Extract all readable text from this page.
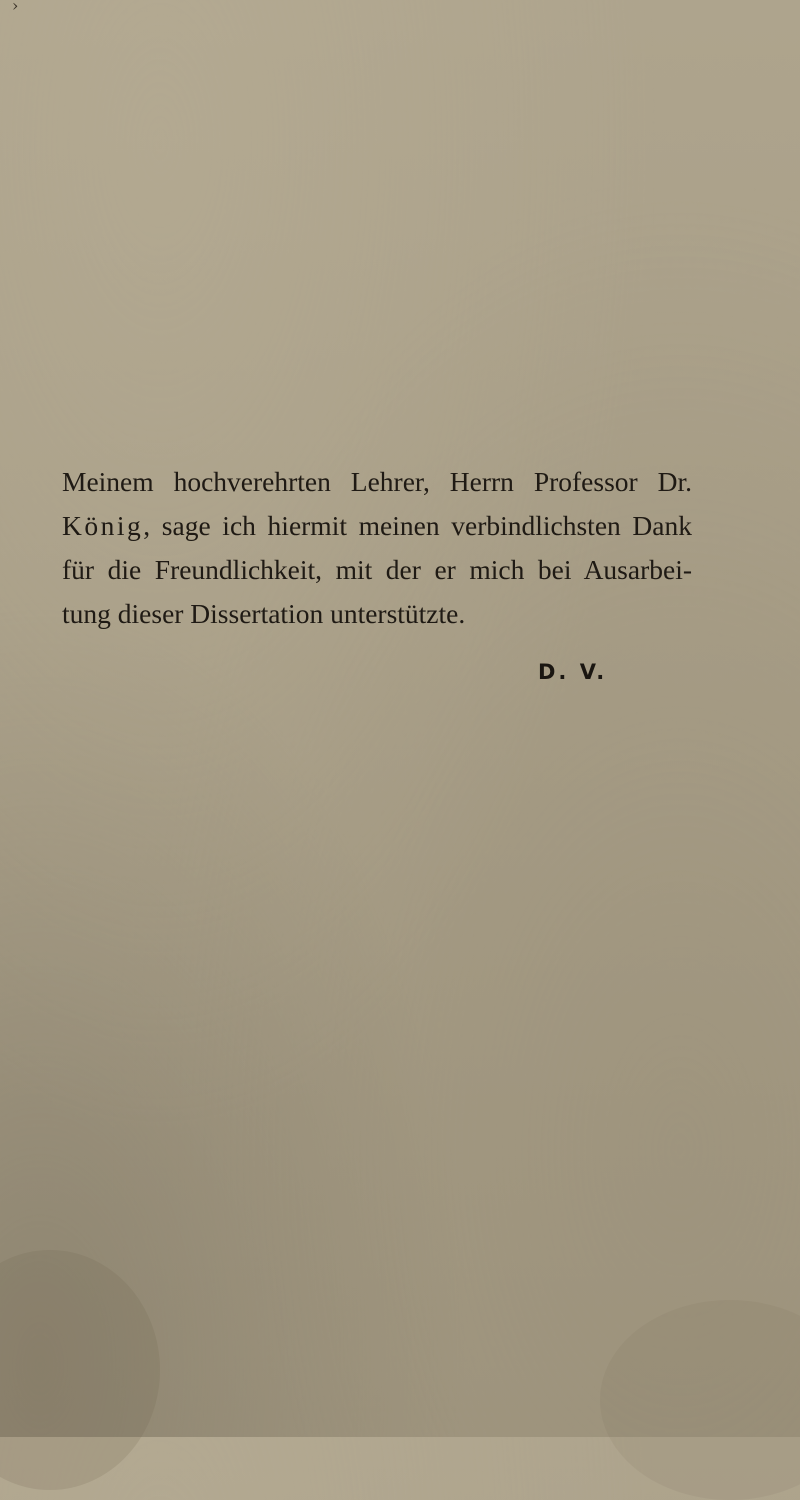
›
Meinem hochverehrten Lehrer, Herrn Professor Dr.
König, sage ich hiermit meinen verbindlichsten Dank
für die Freundlichkeit, mit der er mich bei Ausarbei-
tung dieser Dissertation unterstützte.
D. V.
